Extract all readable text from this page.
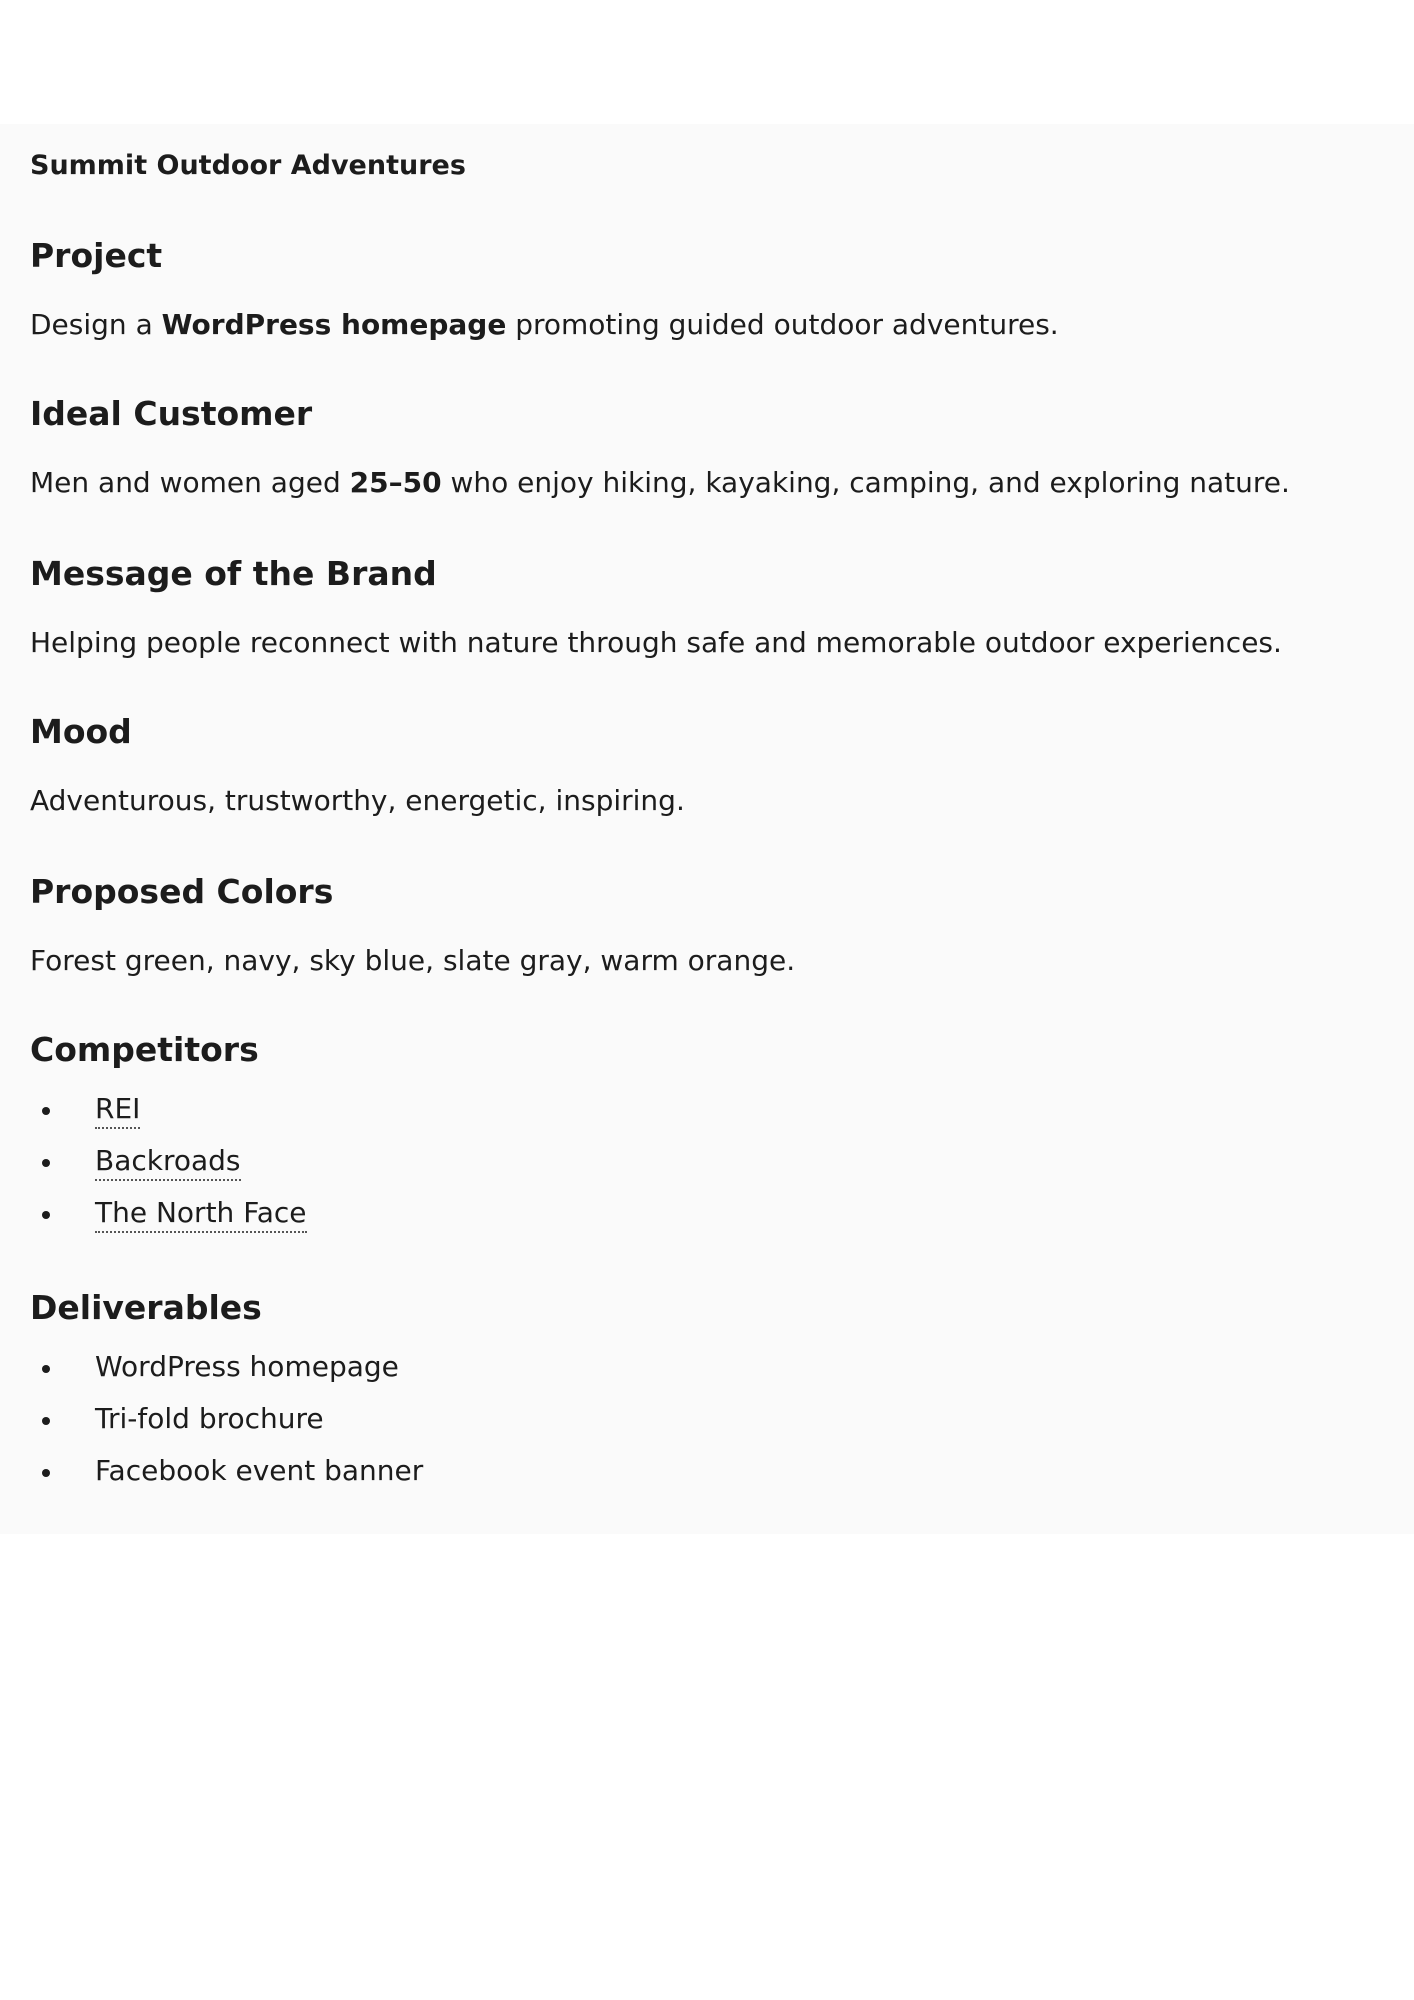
Summit Outdoor Adventures
Project

Design a WordPress homepage promoting guided outdoor adventures.

Ideal Customer

Men and women aged 25–50 who enjoy hiking, kayaking, camping, and exploring nature.

Message of the Brand

Helping people reconnect with nature through safe and memorable outdoor experiences.

Mood

Adventurous, trustworthy, energetic, inspiring.

Proposed Colors

Forest green, navy, sky blue, slate gray, warm orange.

Competitors
REI
Backroads
The North Face
Deliverables
WordPress homepage
Tri-fold brochure
Facebook event banner
